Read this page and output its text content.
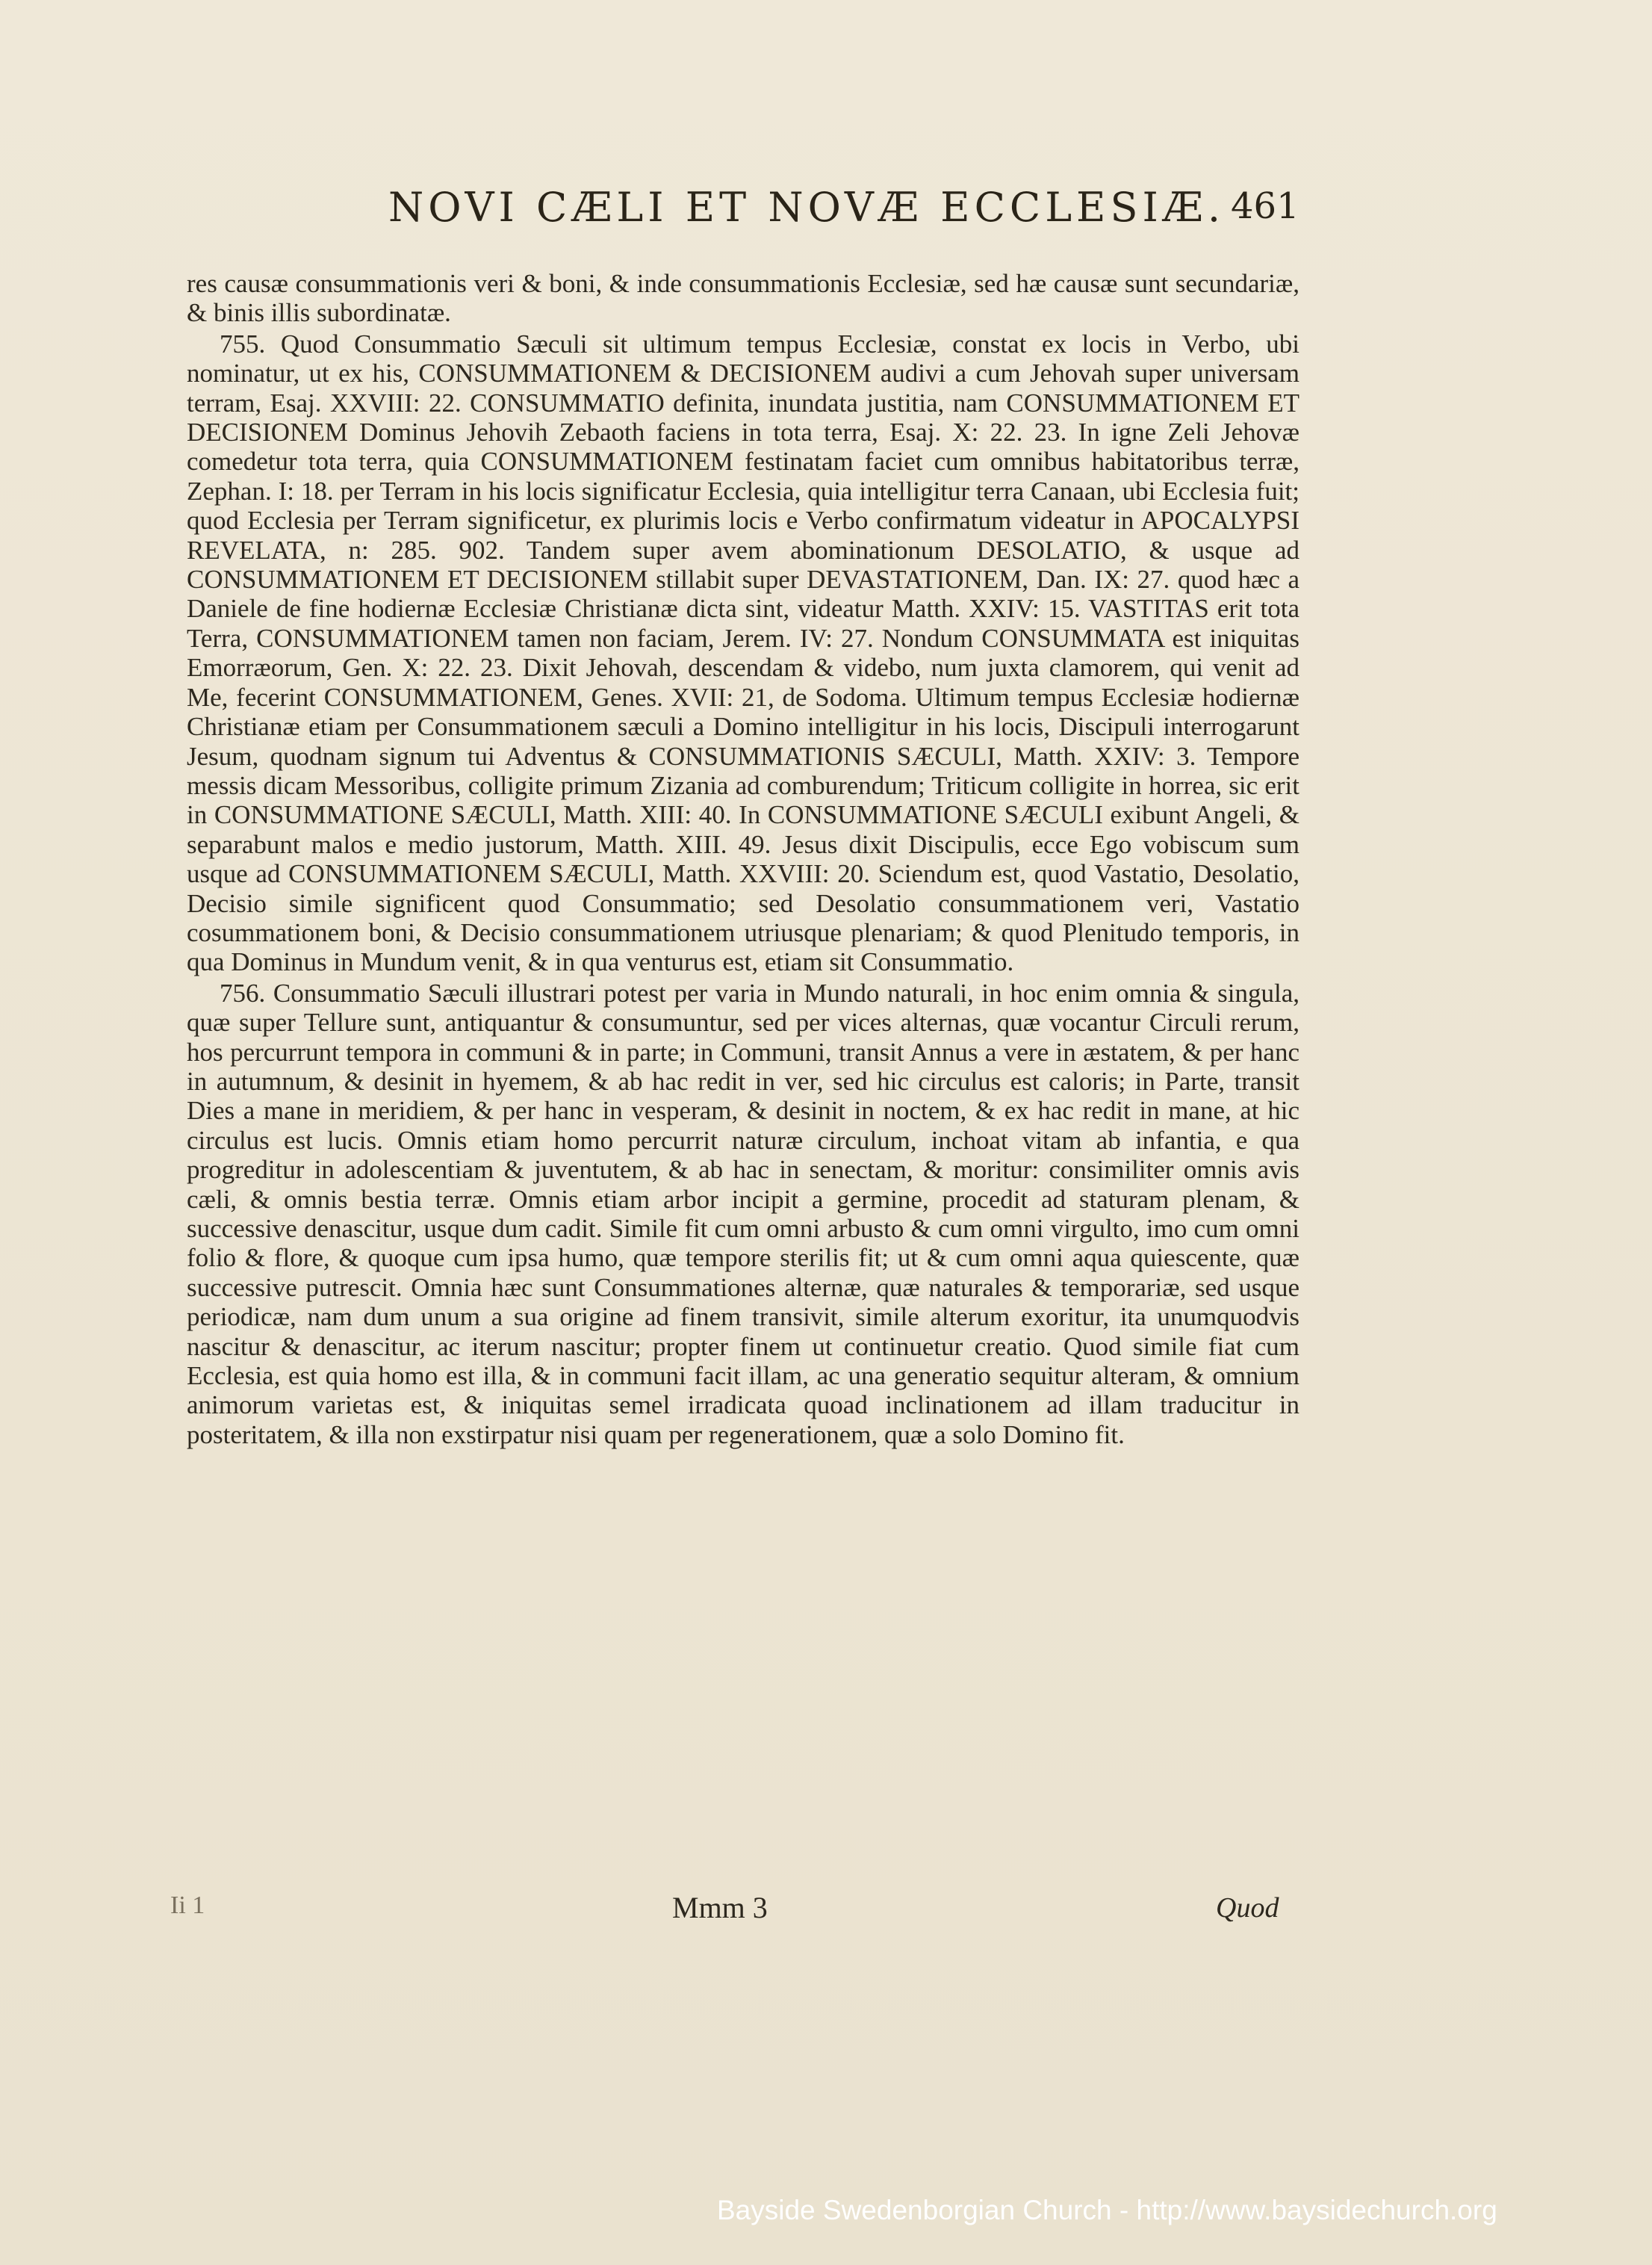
NOVI CÆLI ET NOVÆ ECCLESIÆ. 461

res causæ consummationis veri & boni, & inde consummationis Ecclesiæ, sed hæ causæ sunt secundariæ, & binis illis subordinatæ.

755. Quod Consummatio Sæculi sit ultimum tempus Ecclesiæ, constat ex locis in Verbo, ubi nominatur, ut ex his, CONSUMMATIONEM & DECISIONEM audivi a cum Jehovah super universam terram, Esaj. XXVIII: 22. CONSUMMATIO definita, inundata justitia, nam CONSUMMATIONEM ET DECISIONEM Dominus Jehovih Zebaoth faciens in tota terra, Esaj. X: 22. 23. In igne Zeli Jehovæ comedetur tota terra, quia CONSUMMATIONEM festinatam faciet cum omnibus habitatoribus terræ, Zephan. I: 18. per Terram in his locis significatur Ecclesia, quia intelligitur terra Canaan, ubi Ecclesia fuit; quod Ecclesia per Terram significetur, ex plurimis locis e Verbo confirmatum videatur in APOCALYPSI REVELATA, n: 285. 902. Tandem super avem abominationum DESOLATIO, & usque ad CONSUMMATIONEM ET DECISIONEM stillabit super DEVASTATIONEM, Dan. IX: 27. quod hæc a Daniele de fine hodiernæ Ecclesiæ Christianæ dicta sint, videatur Matth. XXIV: 15. VASTITAS erit tota Terra, CONSUMMATIONEM tamen non faciam, Jerem. IV: 27. Nondum CONSUMMATA est iniquitas Emorræorum, Gen. X: 22. 23. Dixit Jehovah, descendam & videbo, num juxta clamorem, qui venit ad Me, fecerint CONSUMMATIONEM, Genes. XVII: 21, de Sodoma. Ultimum tempus Ecclesiæ hodiernæ Christianæ etiam per Consummationem sæculi a Domino intelligitur in his locis, Discipuli interrogarunt Jesum, quodnam signum tui Adventus & CONSUMMATIONIS SÆCULI, Matth. XXIV: 3. Tempore messis dicam Messoribus, colligite primum Zizania ad comburendum; Triticum colligite in horrea, sic erit in CONSUMMATIONE SÆCULI, Matth. XIII: 40. In CONSUMMATIONE SÆCULI exibunt Angeli, & separabunt malos e medio justorum, Matth. XIII. 49. Jesus dixit Discipulis, ecce Ego vobiscum sum usque ad CONSUMMATIONEM SÆCULI, Matth. XXVIII: 20. Sciendum est, quod Vastatio, Desolatio, Decisio simile significent quod Consummatio; sed Desolatio consummationem veri, Vastatio cosummationem boni, & Decisio consummationem utriusque plenariam; & quod Plenitudo temporis, in qua Dominus in Mundum venit, & in qua venturus est, etiam sit Consummatio.

756. Consummatio Sæculi illustrari potest per varia in Mundo naturali, in hoc enim omnia & singula, quæ super Tellure sunt, antiquantur & consumuntur, sed per vices alternas, quæ vocantur Circuli rerum, hos percurrunt tempora in communi & in parte; in Communi, transit Annus a vere in æstatem, & per hanc in autumnum, & desinit in hyemem, & ab hac redit in ver, sed hic circulus est caloris; in Parte, transit Dies a mane in meridiem, & per hanc in vesperam, & desinit in noctem, & ex hac redit in mane, at hic circulus est lucis. Omnis etiam homo percurrit naturæ circulum, inchoat vitam ab infantia, e qua progreditur in adolescentiam & juventutem, & ab hac in senectam, & moritur: consimiliter omnis avis cæli, & omnis bestia terræ. Omnis etiam arbor incipit a germine, procedit ad staturam plenam, & successive denascitur, usque dum cadit. Simile fit cum omni arbusto & cum omni virgulto, imo cum omni folio & flore, & quoque cum ipsa humo, quæ tempore sterilis fit; ut & cum omni aqua quiescente, quæ successive putrescit. Omnia hæc sunt Consummationes alternæ, quæ naturales & temporariæ, sed usque periodicæ, nam dum unum a sua origine ad finem transivit, simile alterum exoritur, ita unumquodvis nascitur & denascitur, ac iterum nascitur; propter finem ut continuetur creatio. Quod simile fiat cum Ecclesia, est quia homo est illa, & in communi facit illam, ac una generatio sequitur alteram, & omnium animorum varietas est, & iniquitas semel irradicata quoad inclinationem ad illam traducitur in posteritatem, & illa non exstirpatur nisi quam per regenerationem, quæ a solo Domino fit.

Ii 1	Mmm 3	Quod
Bayside Swedenborgian Church - http://www.baysidechurch.org
